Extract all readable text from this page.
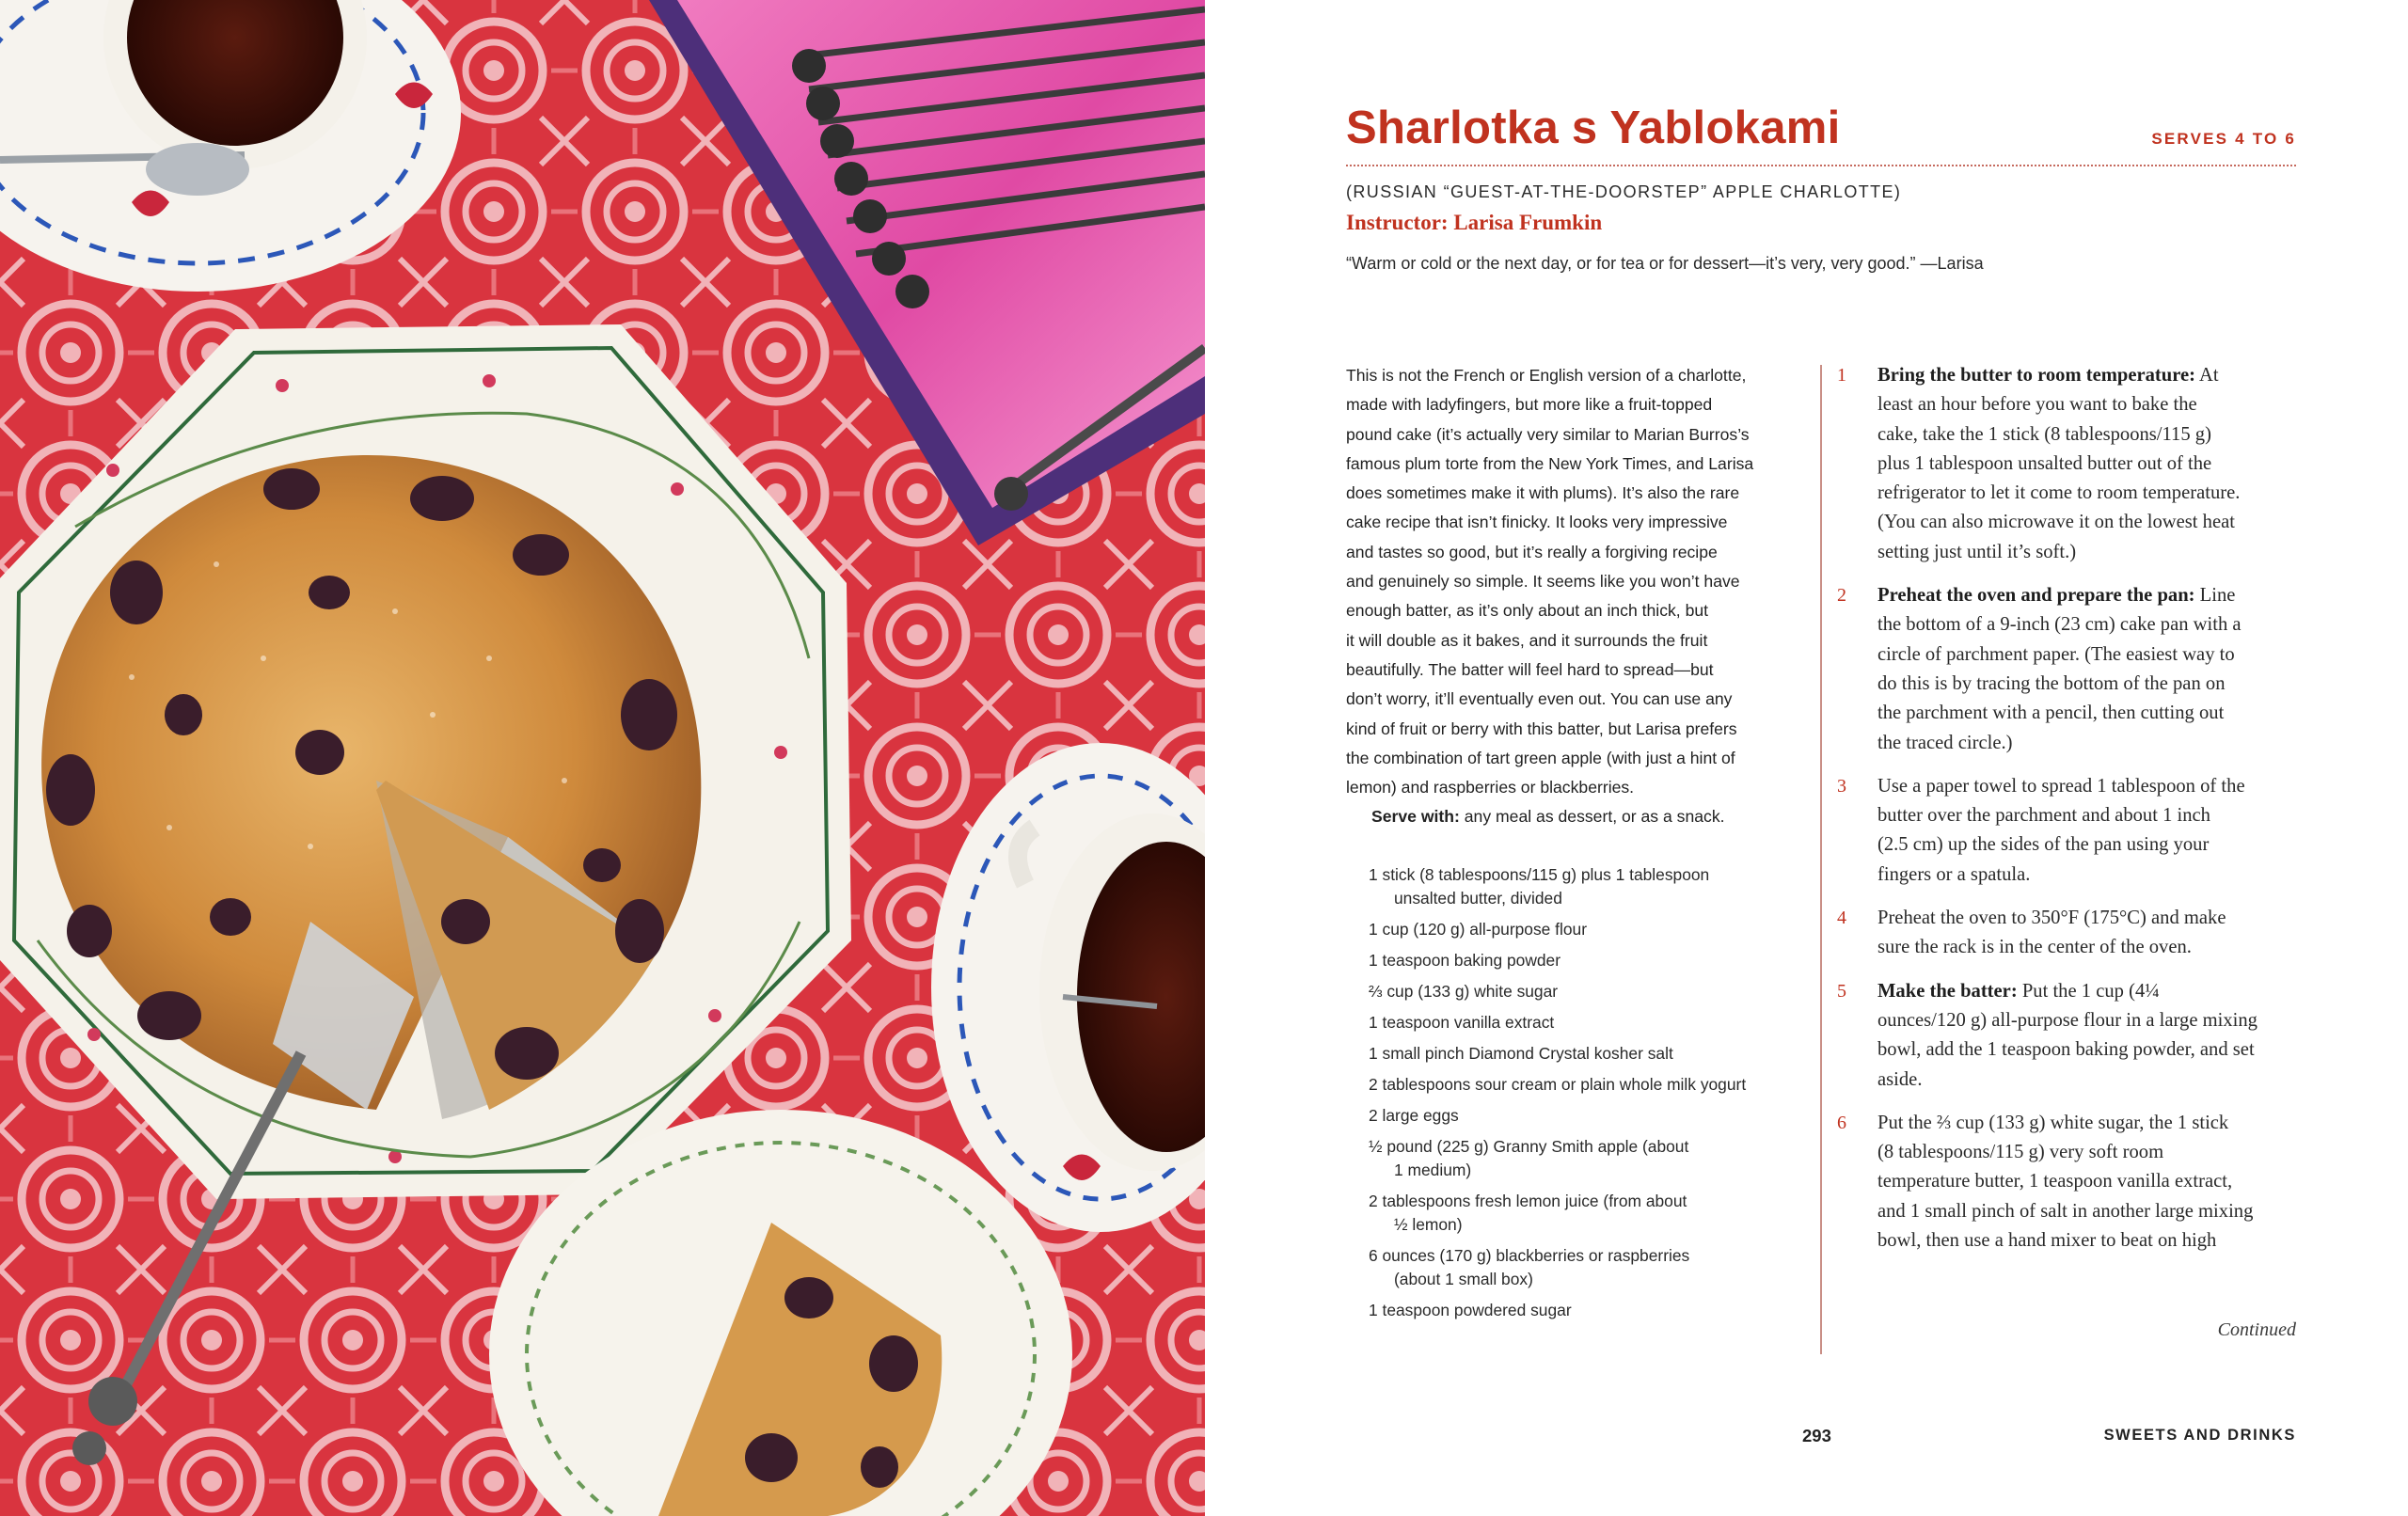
Sharlotka s Yablokami	SERVES 4 TO 6
(RUSSIAN “GUEST-AT-THE-DOORSTEP” APPLE CHARLOTTE)
Instructor: Larisa Frumkin
“Warm or cold or the next day, or for tea or for dessert—it’s very, very good.” —Larisa
This is not the French or English version of a charlotte,
made with ladyfingers, but more like a fruit-topped
pound cake (it’s actually very similar to Marian Burros’s
famous plum torte from the New York Times, and Larisa
does sometimes make it with plums). It’s also the rare
cake recipe that isn’t finicky. It looks very impressive
and tastes so good, but it’s really a forgiving recipe
and genuinely so simple. It seems like you won’t have
enough batter, as it’s only about an inch thick, but
it will double as it bakes, and it surrounds the fruit
beautifully. The batter will feel hard to spread—but
don’t worry, it’ll eventually even out. You can use any
kind of fruit or berry with this batter, but Larisa prefers
the combination of tart green apple (with just a hint of
lemon) and raspberries or blackberries.
Serve with: any meal as dessert, or as a snack.
1 stick (8 tablespoons/115 g) plus 1 tablespoon
unsalted butter, divided
1 cup (120 g) all-purpose flour
1 teaspoon baking powder
⅔ cup (133 g) white sugar
1 teaspoon vanilla extract
1 small pinch Diamond Crystal kosher salt
2 tablespoons sour cream or plain whole milk yogurt
2 large eggs
½ pound (225 g) Granny Smith apple (about
1 medium)
2 tablespoons fresh lemon juice (from about
½ lemon)
6 ounces (170 g) blackberries or raspberries
(about 1 small box)
1 teaspoon powdered sugar
1 Bring the butter to room temperature: At
least an hour before you want to bake the
cake, take the 1 stick (8 tablespoons/115 g)
plus 1 tablespoon unsalted butter out of the
refrigerator to let it come to room temperature.
(You can also microwave it on the lowest heat
setting just until it’s soft.)
2 Preheat the oven and prepare the pan: Line
the bottom of a 9-inch (23 cm) cake pan with a
circle of parchment paper. (The easiest way to
do this is by tracing the bottom of the pan on
the parchment with a pencil, then cutting out
the traced circle.)
3 Use a paper towel to spread 1 tablespoon of the
butter over the parchment and about 1 inch
(2.5 cm) up the sides of the pan using your
fingers or a spatula.
4 Preheat the oven to 350°F (175°C) and make
sure the rack is in the center of the oven.
5 Make the batter: Put the 1 cup (4¼
ounces/120 g) all-purpose flour in a large mixing
bowl, add the 1 teaspoon baking powder, and set
aside.
6 Put the ⅔ cup (133 g) white sugar, the 1 stick
(8 tablespoons/115 g) very soft room
temperature butter, 1 teaspoon vanilla extract,
and 1 small pinch of salt in another large mixing
bowl, then use a hand mixer to beat on high
Continued
293	SWEETS AND DRINKS
